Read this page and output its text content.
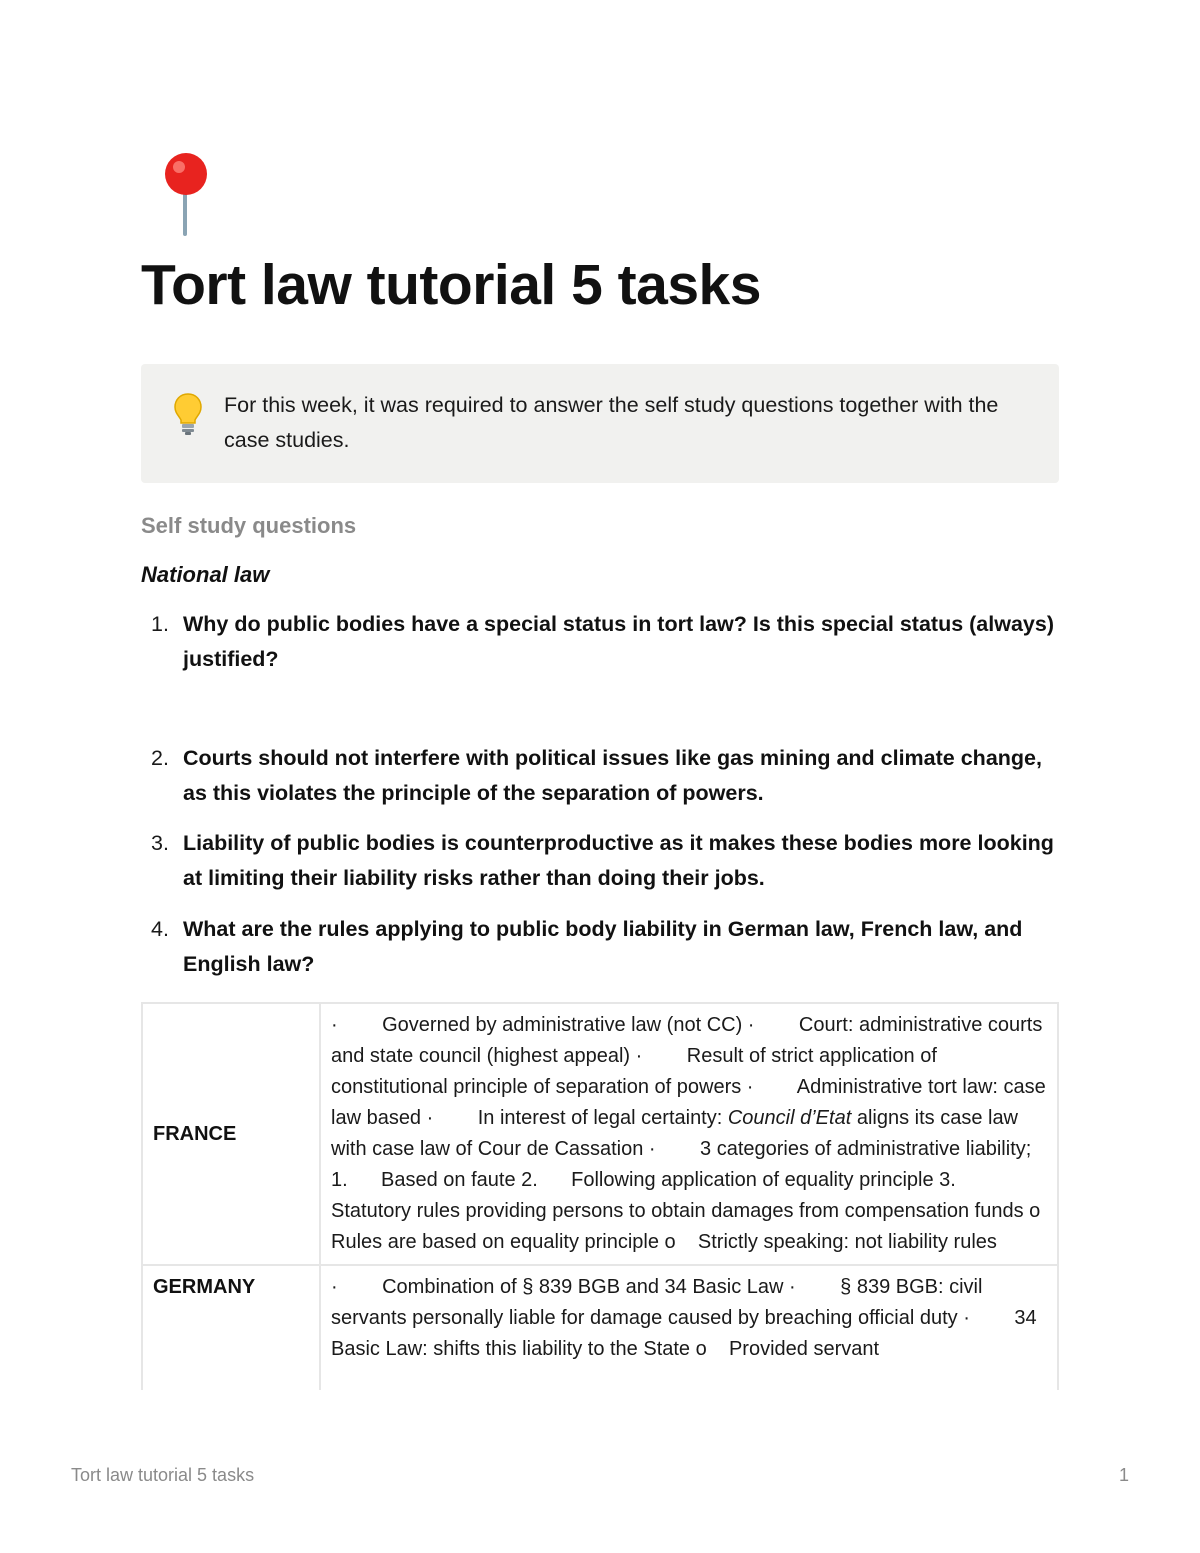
Tort law tutorial 5 tasks
For this week, it was required to answer the self study questions together with the case studies.
Self study questions
National law
1. Why do public bodies have a special status in tort law? Is this special status (always) justified?
2. Courts should not interfere with political issues like gas mining and climate change, as this violates the principle of the separation of powers.
3. Liability of public bodies is counterproductive as it makes these bodies more looking at limiting their liability risks rather than doing their jobs.
4. What are the rules applying to public body liability in German law, French law, and English law?
FRANCE	·        Governed by administrative law (not CC) ·        Court: administrative courts and state council (highest appeal) ·        Result of strict application of constitutional principle of separation of powers ·        Administrative tort law: case law based ·        In interest of legal certainty: Council d’Etat aligns its case law with case law of Cour de Cassation ·        3 categories of administrative liability; 1.      Based on faute 2.      Following application of equality principle 3.      Statutory rules providing persons to obtain damages from compensation funds o    Rules are based on equality principle o    Strictly speaking: not liability rules
GERMANY	·        Combination of § 839 BGB and 34 Basic Law ·        § 839 BGB: civil servants personally liable for damage caused by breaching official duty ·        34 Basic Law: shifts this liability to the State o    Provided servant
Tort law tutorial 5 tasks	1
